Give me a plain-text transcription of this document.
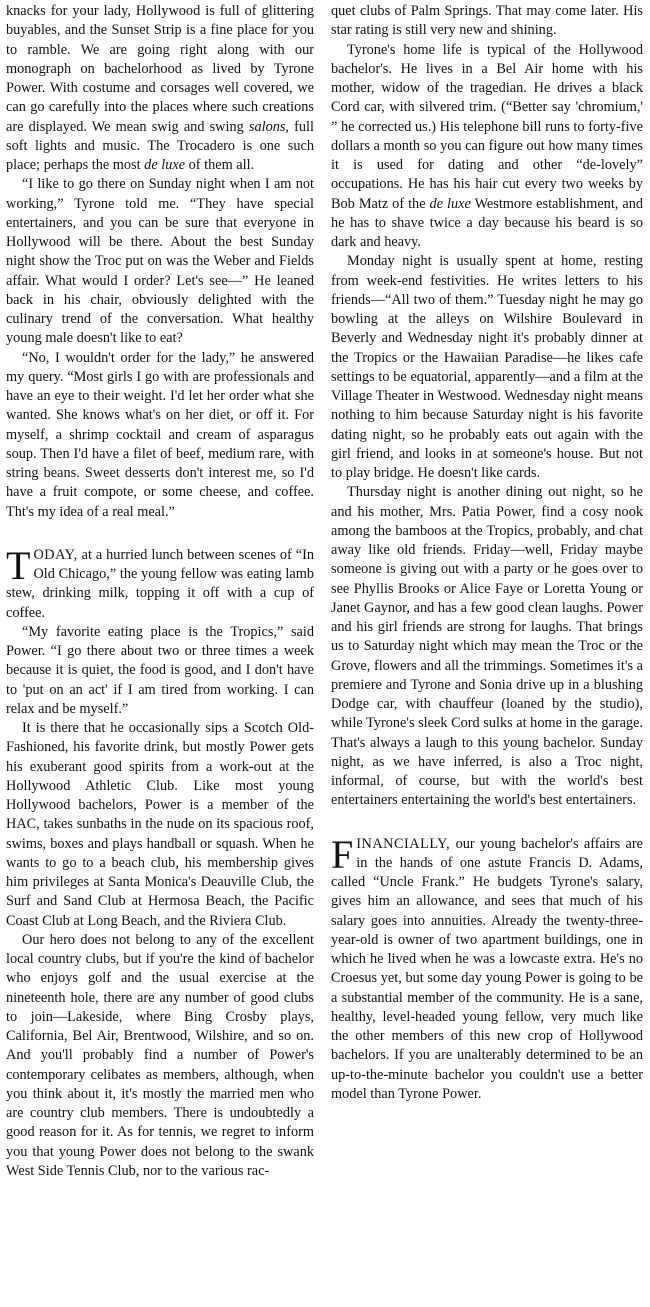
knacks for your lady, Hollywood is full of glittering buyables, and the Sunset Strip is a fine place for you to ramble. We are going right along with our monograph on bachelorhood as lived by Tyrone Power. With costume and corsages well covered, we can go carefully into the places where such creations are displayed. We mean swig and swing salons, full soft lights and music. The Trocadero is one such place; perhaps the most de luxe of them all.

“I like to go there on Sunday night when I am not working,” Tyrone told me. “They have special entertainers, and you can be sure that everyone in Hollywood will be there. About the best Sunday night show the Troc put on was the Weber and Fields affair. What would I order? Let's see—” He leaned back in his chair, obviously delighted with the culinary trend of the conversation. What healthy young male doesn't like to eat?

“No, I wouldn't order for the lady,” he answered my query. “Most girls I go with are professionals and have an eye to their weight. I'd let her order what she wanted. She knows what's on her diet, or off it. For myself, a shrimp cocktail and cream of asparagus soup. Then I'd have a filet of beef, medium rare, with string beans. Sweet desserts don't interest me, so I'd have a fruit compote, or some cheese, and coffee. Tht's my idea of a real meal.”

TODAY, at a hurried lunch between scenes of “In Old Chicago,” the young fellow was eating lamb stew, drinking milk, topping it off with a cup of coffee.

“My favorite eating place is the Tropics,” said Power. “I go there about two or three times a week because it is quiet, the food is good, and I don't have to 'put on an act' if I am tired from working. I can relax and be myself.”

It is there that he occasionally sips a Scotch Old-Fashioned, his favorite drink, but mostly Power gets his exuberant good spirits from a work-out at the Hollywood Athletic Club. Like most young Hollywood bachelors, Power is a member of the HAC, takes sunbaths in the nude on its spacious roof, swims, boxes and plays handball or squash. When he wants to go to a beach club, his membership gives him privileges at Santa Monica's Deauville Club, the Surf and Sand Club at Hermosa Beach, the Pacific Coast Club at Long Beach, and the Riviera Club.

Our hero does not belong to any of the excellent local country clubs, but if you're the kind of bachelor who enjoys golf and the usual exercise at the nineteenth hole, there are any number of good clubs to join—Lakeside, where Bing Crosby plays, California, Bel Air, Brentwood, Wilshire, and so on. And you'll probably find a number of Power's contemporary celibates as members, although, when you think about it, it's mostly the married men who are country club members. There is undoubtedly a good reason for it. As for tennis, we regret to inform you that young Power does not belong to the swank West Side Tennis Club, nor to the various rac-

quet clubs of Palm Springs. That may come later. His star rating is still very new and shining.

Tyrone's home life is typical of the Hollywood bachelor's. He lives in a Bel Air home with his mother, widow of the tragedian. He drives a black Cord car, with silvered trim. (“Better say 'chromium,' ” he corrected us.) His telephone bill runs to forty-five dollars a month so you can figure out how many times it is used for dating and other “de-lovely” occupations. He has his hair cut every two weeks by Bob Matz of the de luxe Westmore establishment, and he has to shave twice a day because his beard is so dark and heavy.

Monday night is usually spent at home, resting from week-end festivities. He writes letters to his friends—“All two of them.” Tuesday night he may go bowling at the alleys on Wilshire Boulevard in Beverly and Wednesday night it's probably dinner at the Tropics or the Hawaiian Paradise—he likes cafe settings to be equatorial, apparently—and a film at the Village Theater in Westwood. Wednesday night means nothing to him because Saturday night is his favorite dating night, so he probably eats out again with the girl friend, and looks in at someone's house. But not to play bridge. He doesn't like cards.

Thursday night is another dining out night, so he and his mother, Mrs. Patia Power, find a cosy nook among the bamboos at the Tropics, probably, and chat away like old friends. Friday—well, Friday maybe someone is giving out with a party or he goes over to see Phyllis Brooks or Alice Faye or Loretta Young or Janet Gaynor, and has a few good clean laughs. Power and his girl friends are strong for laughs. That brings us to Saturday night which may mean the Troc or the Grove, flowers and all the trimmings. Sometimes it's a premiere and Tyrone and Sonia drive up in a blushing Dodge car, with chauffeur (loaned by the studio), while Tyrone's sleek Cord sulks at home in the garage. That's always a laugh to this young bachelor. Sunday night, as we have inferred, is also a Troc night, informal, of course, but with the world's best entertainers entertaining the world's best entertainers.

FINANCIALLY, our young bachelor's affairs are in the hands of one astute Francis D. Adams, called “Uncle Frank.” He budgets Tyrone's salary, gives him an allowance, and sees that much of his salary goes into annuities. Already the twenty-three-year-old is owner of two apartment buildings, one in which he lived when he was a lowcaste extra. He's no Croesus yet, but some day young Power is going to be a substantial member of the community. He is a sane, healthy, level-headed young fellow, very much like the other members of this new crop of Hollywood bachelors. If you are unalterably determined to be an up-to-the-minute bachelor you couldn't use a better model than Tyrone Power.
